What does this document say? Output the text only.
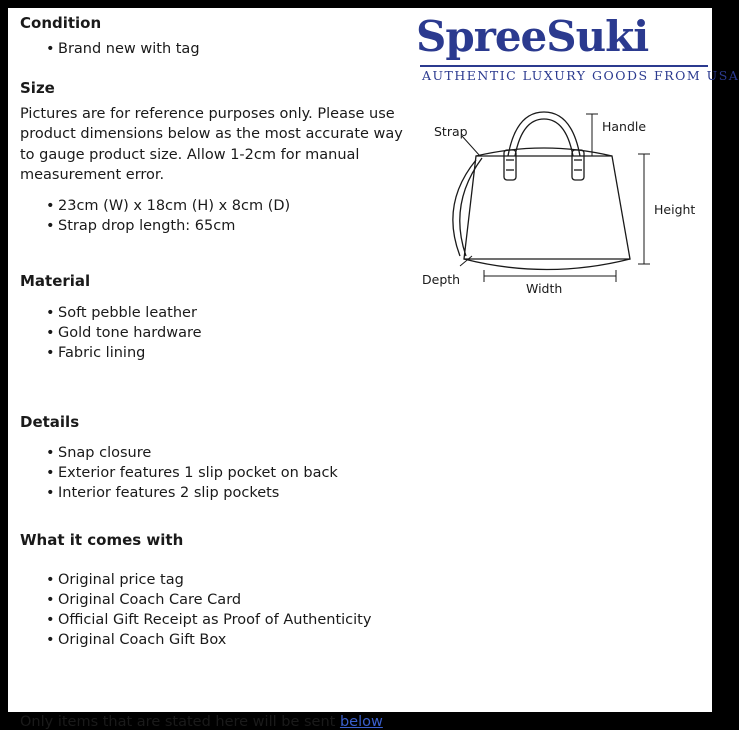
SpreeSuki
AUTHENTIC LUXURY GOODS FROM USA
Strap	Handle
Height
Width
Depth
Condition
• Brand new with tag
Size

Pictures are for reference purposes only. Please use product dimensions below as the most accurate way to gauge product size. Allow 1-2cm for manual measurement error.

• 23cm (W) x 18cm (H) x 8cm (D)
• Strap drop length: 65cm
Material
• Soft pebble leather
• Gold tone hardware
• Fabric lining
Details
• Snap closure
• Exterior features 1 slip pocket on back
• Interior features 2 slip pockets
What it comes with
• Original price tag
• Original Coach Care Card
• Official Gift Receipt as Proof of Authenticity
• Original Coach Gift Box
Only items that are stated here will be sent below
